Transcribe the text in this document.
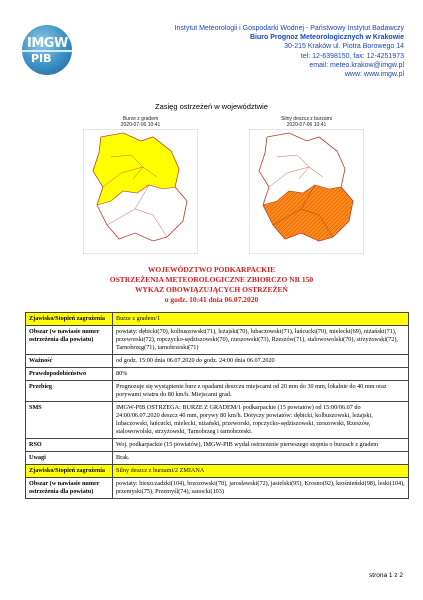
IMGW
PIB
Instytut Meteorologii i Gospodarki Wodnej - Państwowy Instytut Badawczy
Biuro Prognoz Meteorologicznych w Krakowie
30-215 Kraków ul. Piotra Borowego 14
tel: 12-6398150, fax: 12-4251973
email: meteo.krakow@imgw.pl
www: www.imgw.pl
Zasięg ostrzeżeń w województwie
Burze z gradem
2020-07-06 10:41
Silny deszcz z burzami
2020-07-06 10:41
WOJEWÓDZTWO PODKARPACKIE
OSTRZEŻENIA METEOROLOGICZNE ZBIORCZO NR 150
WYKAZ OBOWIĄZUJĄCYCH OSTRZEŻEŃ
o godz. 10:41 dnia 06.07.2020
Zjawisko/Stopień zagrożenia	Burze z gradem/1
Obszar (w nawiasie numer ostrzeżenia dla powiatu)	powiaty: dębicki(70), kolbuszowski(71), leżajski(70), lubaczowski(71), łańcucki(70), mielecki(69), niżański(71), przeworski(72), ropczycko-sędziszowski(70), rzeszowski(73), Rzeszów(71), stalowowolski(70), strzyżowski(72), Tarnobrzeg(71), tarnobrzeski(71)
Ważność	od godz. 15:00 dnia 06.07.2020 do godz. 24:00 dnia 06.07.2020
Prawdopodobieństwo	80%
Przebieg	Prognozuje się wystąpienie burz z opadami deszczu miejscami od 20 mm do 30 mm, lokalnie do 40 mm oraz porywami wiatru do 80 km/h. Miejscami grad.
SMS	IMGW-PIB OSTRZEGA: BURZE Z GRADEM/1 podkarpackie (15 powiatów) od 15:00/06.07 do 24:00/06.07.2020 deszcz 40 mm, porywy 80 km/h. Dotyczy powiatów: dębicki, kolbuszowski, leżajski, lubaczowski, łańcucki, mielecki, niżański, przeworski, ropczycko-sędziszowski, rzeszowski, Rzeszów, stalowowolski, strzyżowski, Tarnobrzeg i tarnobrzeski.
RSO	Woj. podkarpackie (15 powiatów), IMGW-PIB wydał ostrzeżenie pierwszego stopnia o burzach z gradem
Uwagi	Brak.
Zjawisko/Stopień zagrożenia	Silny deszcz z burzami/2 ZMIANA
Obszar (w nawiasie numer ostrzeżenia dla powiatu)	powiaty: bieszczadzki(104), brzozowski(78), jarosławski(72), jasielski(95), Krosno(92), krośnieński(98), leski(104), przemyski(75), Przemyśl(74), sanocki(103)
strona 1 z 2
